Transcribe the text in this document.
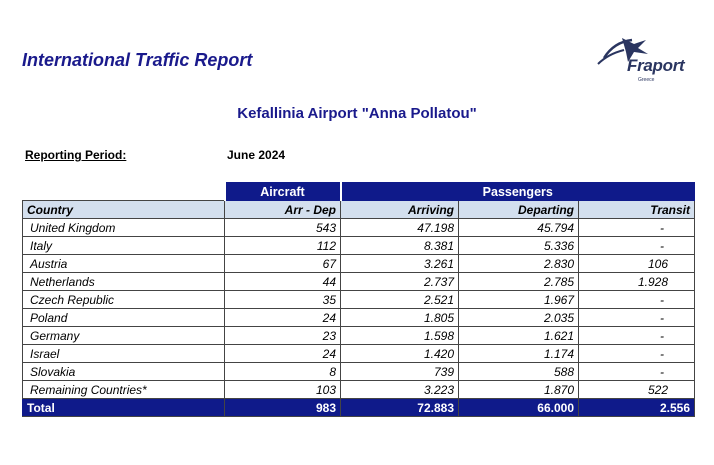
International Traffic Report	Fraport
Greece
Kefallinia Airport "Anna Pollatou"
Reporting Period:	June 2024
	Aircraft	Passengers		
Country	Arr - Dep	Arriving	Departing	Transit
United Kingdom	543	47.198	45.794	-
Italy	112	8.381	5.336	-
Austria	67	3.261	2.830	106
Netherlands	44	2.737	2.785	1.928
Czech Republic	35	2.521	1.967	-
Poland	24	1.805	2.035	-
Germany	23	1.598	1.621	-
Israel	24	1.420	1.174	-
Slovakia	8	739	588	-
Remaining Countries*	103	3.223	1.870	522
Total	983	72.883	66.000	2.556
